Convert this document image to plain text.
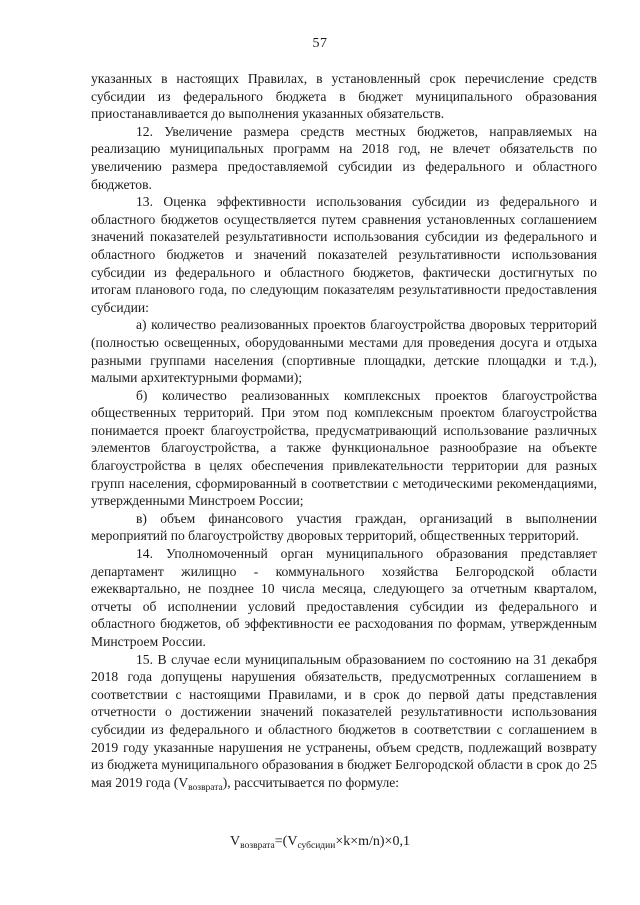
57

указанных в настоящих Правилах, в установленный срок перечисление средств субсидии из федерального бюджета в бюджет муниципального образования приостанавливается до выполнения указанных обязательств.

12. Увеличение размера средств местных бюджетов, направляемых на реализацию муниципальных программ на 2018 год, не влечет обязательств по увеличению размера предоставляемой субсидии из федерального и областного бюджетов.

13. Оценка эффективности использования субсидии из федерального и областного бюджетов осуществляется путем сравнения установленных соглашением значений показателей результативности использования субсидии из федерального и областного бюджетов и значений показателей результативности использования субсидии из федерального и областного бюджетов, фактически достигнутых по итогам планового года, по следующим показателям результативности предоставления субсидии:

а) количество реализованных проектов благоустройства дворовых территорий (полностью освещенных, оборудованными местами для проведения досуга и отдыха разными группами населения (спортивные площадки, детские площадки и т.д.), малыми архитектурными формами);

б) количество реализованных комплексных проектов благоустройства общественных территорий. При этом под комплексным проектом благоустройства понимается проект благоустройства, предусматривающий использование различных элементов благоустройства, а также функциональное разнообразие на объекте благоустройства в целях обеспечения привлекательности территории для разных групп населения, сформированный в соответствии с методическими рекомендациями, утвержденными Минстроем России;

в) объем финансового участия граждан, организаций в выполнении мероприятий по благоустройству дворовых территорий, общественных территорий.

14. Уполномоченный орган муниципального образования представляет департамент жилищно - коммунального хозяйства Белгородской области ежеквартально, не позднее 10 числа месяца, следующего за отчетным кварталом, отчеты об исполнении условий предоставления субсидии из федерального и областного бюджетов, об эффективности ее расходования по формам, утвержденным Минстроем России.

15. В случае если муниципальным образованием по состоянию на 31 декабря 2018 года допущены нарушения обязательств, предусмотренных соглашением в соответствии с настоящими Правилами, и в срок до первой даты представления отчетности о достижении значений показателей результативности использования субсидии из федерального и областного бюджетов в соответствии с соглашением в 2019 году указанные нарушения не устранены, объем средств, подлежащий возврату из бюджета муниципального образования в бюджет Белгородской области в срок до 25 мая 2019 года $(V_{возврата})$, рассчитывается по формуле:

$V_{возврата}=(V_{субсидии}\times k\times m/n)\times 0,1$
